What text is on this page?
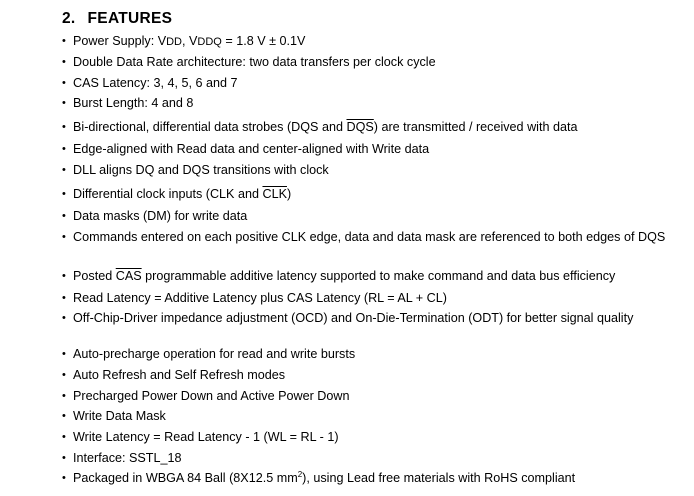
2. FEATURES
• Power Supply: VDD, VDDQ = 1.8 V ± 0.1V
• Double Data Rate architecture: two data transfers per clock cycle
• CAS Latency: 3, 4, 5, 6 and 7
• Burst Length: 4 and 8
• Bi-directional, differential data strobes (DQS and $\overline{DQS}$) are transmitted / received with data
• Edge-aligned with Read data and center-aligned with Write data
• DLL aligns DQ and DQS transitions with clock
• Differential clock inputs (CLK and $\overline{CLK}$)
• Data masks (DM) for write data
• Commands entered on each positive CLK edge, data and data mask are referenced to both edges of DQS
• Posted $\overline{CAS}$ programmable additive latency supported to make command and data bus efficiency
• Read Latency = Additive Latency plus CAS Latency (RL = AL + CL)
• Off-Chip-Driver impedance adjustment (OCD) and On-Die-Termination (ODT) for better signal quality
• Auto-precharge operation for read and write bursts
• Auto Refresh and Self Refresh modes
• Precharged Power Down and Active Power Down
• Write Data Mask
• Write Latency = Read Latency - 1 (WL = RL - 1)
• Interface: SSTL_18
• Packaged in WBGA 84 Ball (8X12.5 $mm^2$), using Lead free materials with RoHS compliant
